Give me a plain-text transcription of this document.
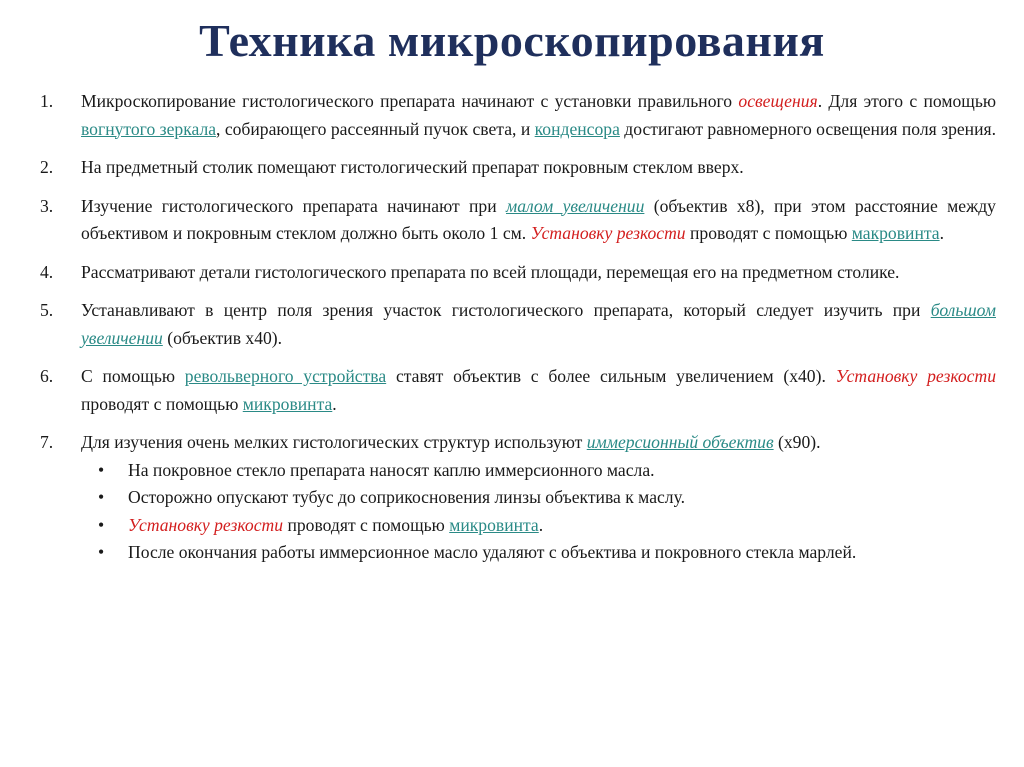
Техника микроскопирования
1.	Микроскопирование гистологического препарата начинают с установки правильного освещения. Для этого с помощью вогнутого зеркала, собирающего рассеянный пучок света, и конденсора достигают равномерного освещения поля зрения.
2.	На предметный столик помещают гистологический препарат покровным стеклом вверх.
3.	Изучение гистологического препарата начинают при малом увеличении (объектив х8), при этом расстояние между объективом и покровным стеклом должно быть около 1 см. Установку резкости проводят с помощью макровинта.
4.	Рассматривают детали гистологического препарата по всей площади, перемещая его на предметном столике.
5.	Устанавливают в центр поля зрения участок гистологического препарата, который следует изучить при большом увеличении (объектив х40).
6.	С помощью револьверного устройства ставят объектив с более сильным увеличением (х40). Установку резкости проводят с помощью микровинта.
7.	Для изучения очень мелких гистологических структур используют иммерсионный объектив (х90).
•	На покровное стекло препарата наносят каплю иммерсионного масла.
•	Осторожно опускают тубус до соприкосновения линзы объектива к маслу.
•	Установку резкости проводят с помощью микровинта.
•	После окончания работы иммерсионное масло удаляют с объектива и покровного стекла марлей.
